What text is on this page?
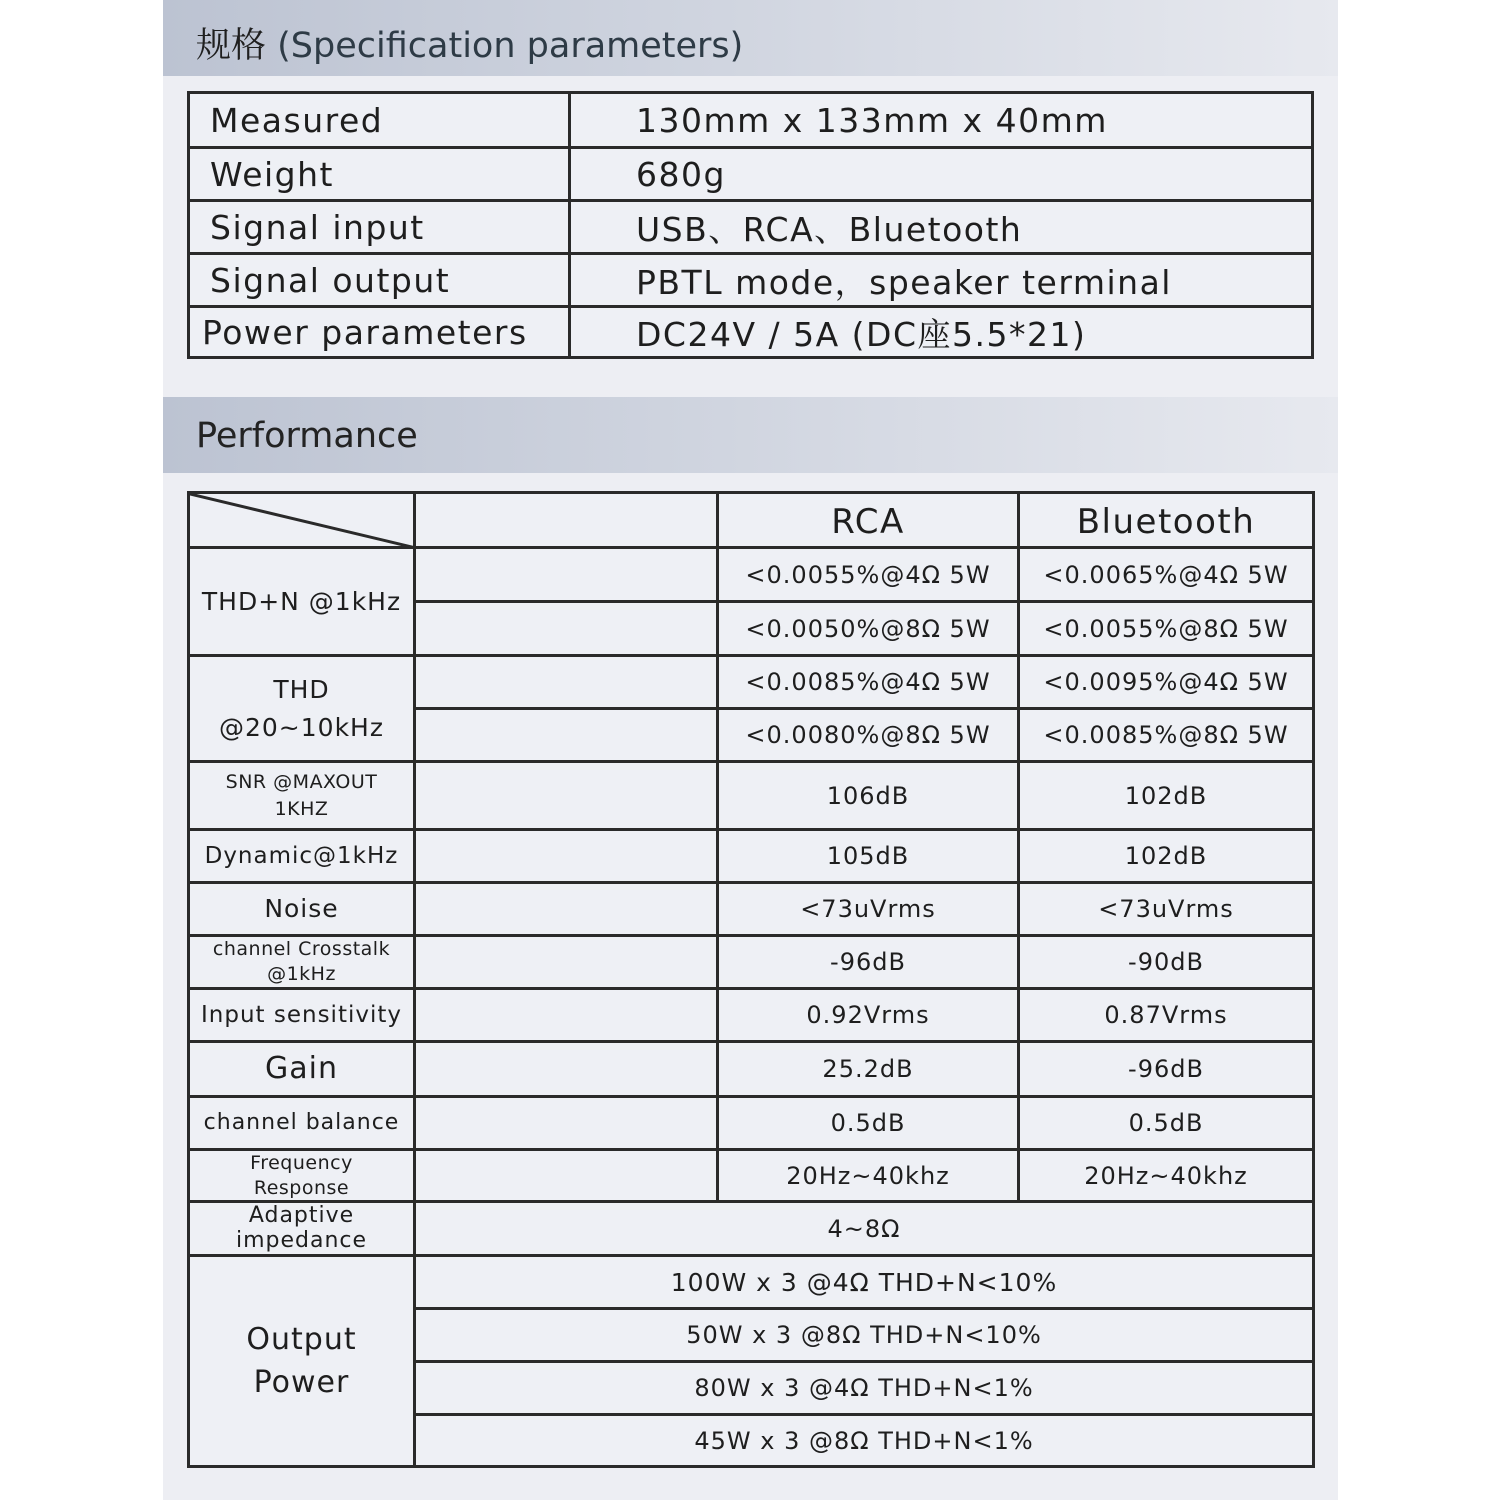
规格 (Specification parameters)
Measured	130mm x 133mm x 40mm
Weight	680g
Signal input	USB、RCA、Bluetooth
Signal output	PBTL mode，speaker terminal
Power parameters	DC24V / 5A (DC座5.5*21)
Performance
RCA	Bluetooth
THD+N @1kHz
<0.0055%@4Ω 5W	<0.0065%@4Ω 5W
<0.0050%@8Ω 5W	<0.0055%@8Ω 5W
THD @20~10kHz
<0.0085%@4Ω 5W	<0.0095%@4Ω 5W
<0.0080%@8Ω 5W	<0.0085%@8Ω 5W
SNR @MAXOUT 1KHZ	106dB	102dB
Dynamic@1kHz	105dB	102dB
Noise	<73uVrms	<73uVrms
channel Crosstalk @1kHz	-96dB	-90dB
Input sensitivity	0.92Vrms	0.87Vrms
Gain	25.2dB	-96dB
channel balance	0.5dB	0.5dB
Frequency Response	20Hz~40khz	20Hz~40khz
Adaptive impedance	4~8Ω
Output Power
100W x 3 @4Ω THD+N<10%
50W x 3 @8Ω THD+N<10%
80W x 3 @4Ω THD+N<1%
45W x 3 @8Ω THD+N<1%
